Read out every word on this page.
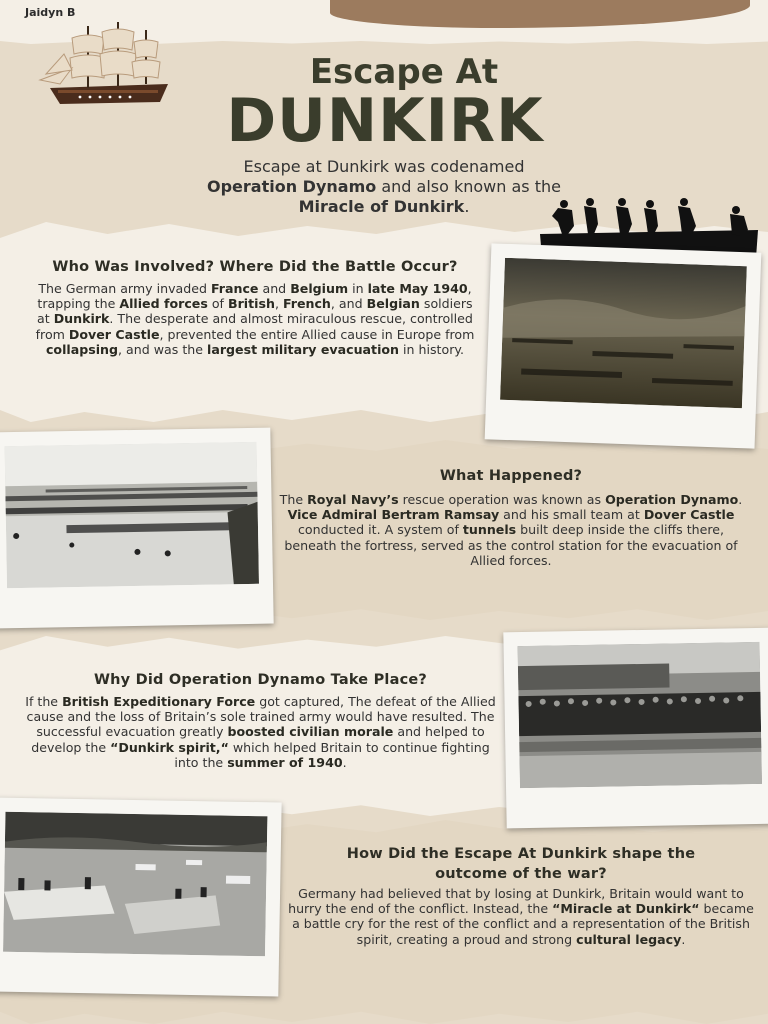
Jaidyn B
Escape At
DUNKIRK
Escape at Dunkirk was codenamed
Operation Dynamo and also known as the
Miracle of Dunkirk.
Who Was Involved? Where Did the Battle Occur?
The German army invaded France and Belgium in late May 1940, trapping the Allied forces of British, French, and Belgian soldiers at Dunkirk. The desperate and almost miraculous rescue, controlled from Dover Castle, prevented the entire Allied cause in Europe from collapsing, and was the largest military evacuation in history.
What Happened?
The Royal Navy’s rescue operation was known as Operation Dynamo. Vice Admiral Bertram Ramsay and his small team at Dover Castle conducted it. A system of tunnels built deep inside the cliffs there, beneath the fortress, served as the control station for the evacuation of Allied forces.
Why Did Operation Dynamo Take Place?
If the British Expeditionary Force got captured, The defeat of the Allied cause and the loss of Britain’s sole trained army would have resulted. The successful evacuation greatly boosted civilian morale and helped to develop the “Dunkirk spirit,“ which helped Britain to continue fighting into the summer of 1940.
How Did the Escape At Dunkirk shape the outcome of the war?
Germany had believed that by losing at Dunkirk, Britain would want to hurry the end of the conflict. Instead, the “Miracle at Dunkirk“ became a battle cry for the rest of the conflict and a representation of the British spirit, creating a proud and strong cultural legacy.
